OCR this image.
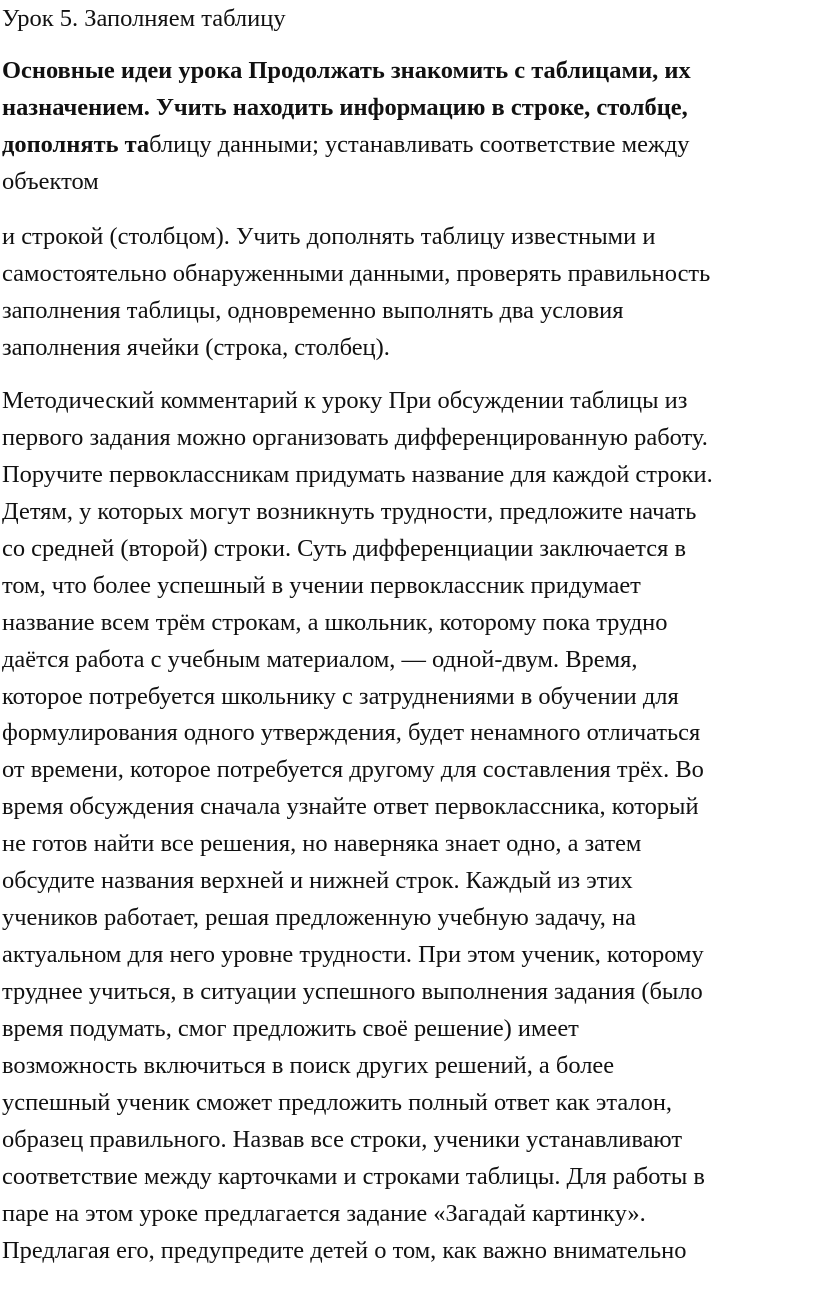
Урок 5. Заполняем таблицу
Основные идеи урока Продолжать знакомить с таблицами, их
назначением. Учить находить информацию в строке, столбце,
дополнять таблицу данными; устанавливать соответствие между
объектом
и строкой (столбцом). Учить дополнять таблицу известными и
самостоятельно обнаруженными данными, проверять правильность
заполнения таблицы, одновременно выполнять два условия
заполнения ячейки (строка, столбец).
Методический комментарий к уроку При обсуждении таблицы из
первого задания можно организовать дифференцированную работу.
Поручите первоклассникам придумать название для каждой строки.
Детям, у которых могут возникнуть трудности, предложите начать
со средней (второй) строки. Суть дифференциации заключается в
том, что более успешный в учении первоклассник придумает
название всем трём строкам, а школьник, которому пока трудно
даётся работа с учебным материалом, — одной-двум. Время,
которое потребуется школьнику с затруднениями в обучении для
формулирования одного утверждения, будет ненамного отличаться
от времени, которое потребуется другому для составления трёх. Во
время обсуждения сначала узнайте ответ первоклассника, который
не готов найти все решения, но наверняка знает одно, а затем
обсудите названия верхней и нижней строк. Каждый из этих
учеников работает, решая предложенную учебную задачу, на
актуальном для него уровне трудности. При этом ученик, которому
труднее учиться, в ситуации успешного выполнения задания (было
время подумать, смог предложить своё решение) имеет
возможность включиться в поиск других решений, а более
успешный ученик сможет предложить полный ответ как эталон,
образец правильного. Назвав все строки, ученики устанавливают
соответствие между карточками и строками таблицы. Для работы в
паре на этом уроке предлагается задание «Загадай картинку».
Предлагая его, предупредите детей о том, как важно внимательно
